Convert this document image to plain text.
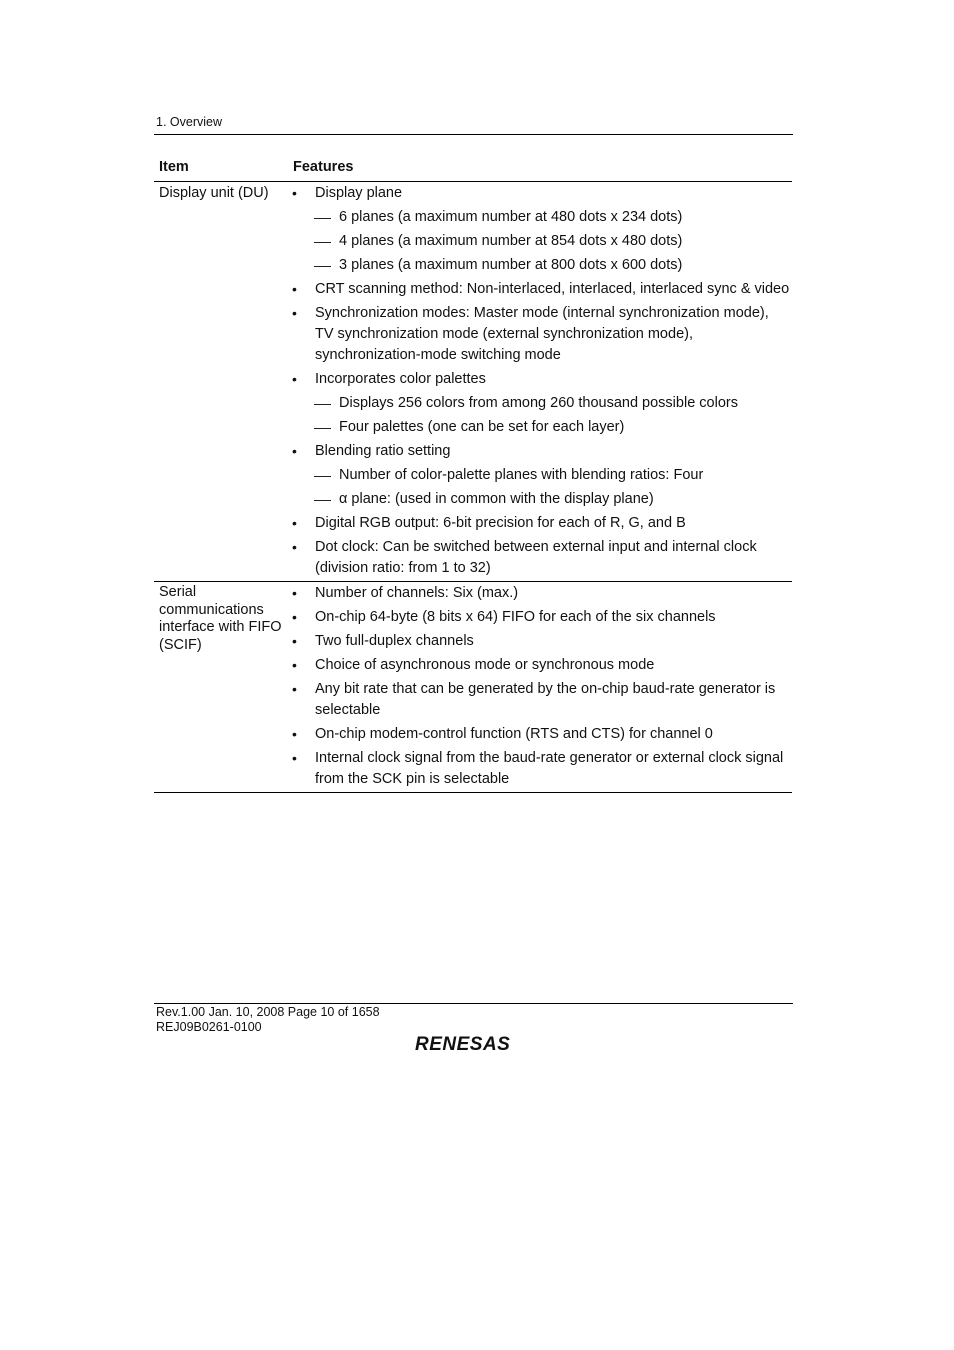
1. Overview
Item	Features
Display unit (DU) • Display plane
6 planes (a maximum number at 480 dots x 234 dots)
4 planes (a maximum number at 854 dots x 480 dots)
3 planes (a maximum number at 800 dots x 600 dots)
• CRT scanning method: Non-interlaced, interlaced, interlaced sync & video
• Synchronization modes: Master mode (internal synchronization mode),
TV synchronization mode (external synchronization mode),
synchronization-mode switching mode
• Incorporates color palettes
Displays 256 colors from among 260 thousand possible colors
Four palettes (one can be set for each layer)
• Blending ratio setting
Number of color-palette planes with blending ratios: Four
α plane: (used in common with the display plane)
• Digital RGB output: 6-bit precision for each of R, G, and B
• Dot clock: Can be switched between external input and internal clock
(division ratio: from 1 to 32)
Serial
communications
interface with FIFO
(SCIF)
• Number of channels: Six (max.)
• On-chip 64-byte (8 bits x 64) FIFO for each of the six channels
• Two full-duplex channels
• Choice of asynchronous mode or synchronous mode
• Any bit rate that can be generated by the on-chip baud-rate generator is
selectable
• On-chip modem-control function (RTS and CTS) for channel 0
• Internal clock signal from the baud-rate generator or external clock signal
from the SCK pin is selectable
Rev.1.00 Jan. 10, 2008 Page 10 of 1658
REJ09B0261-0100
RENESAS
